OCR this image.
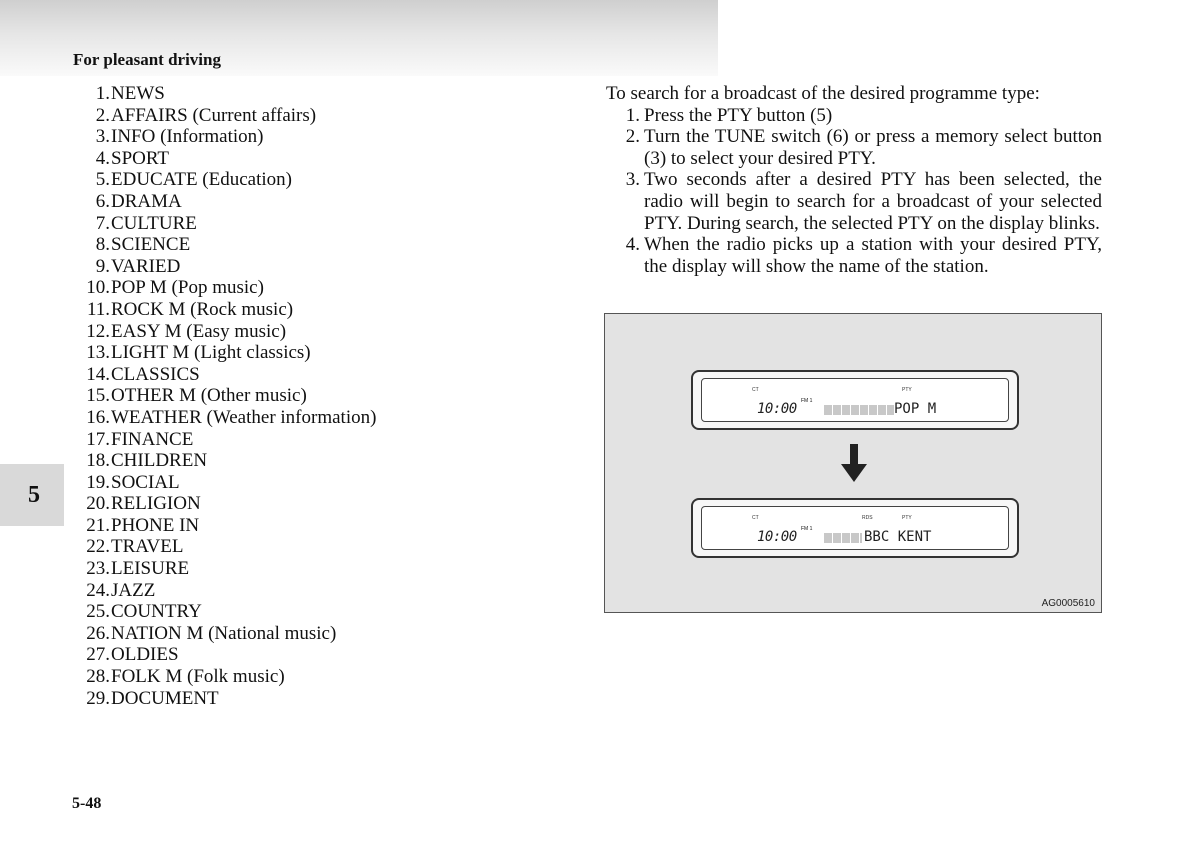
For pleasant driving
5
1. NEWS
2. AFFAIRS (Current affairs)
3. INFO (Information)
4. SPORT
5. EDUCATE (Education)
6. DRAMA
7. CULTURE
8. SCIENCE
9. VARIED
10. POP M (Pop music)
11. ROCK M (Rock music)
12. EASY M (Easy music)
13. LIGHT M (Light classics)
14. CLASSICS
15. OTHER M (Other music)
16. WEATHER (Weather information)
17. FINANCE
18. CHILDREN
19. SOCIAL
20. RELIGION
21. PHONE IN
22. TRAVEL
23. LEISURE
24. JAZZ
25. COUNTRY
26. NATION M (National music)
27. OLDIES
28. FOLK M (Folk music)
29. DOCUMENT
To search for a broadcast of the desired programme type:
1. Press the PTY button (5)
2. Turn the TUNE switch (6) or press a memory select button (3) to select your desired PTY.
3. Two seconds after a desired PTY has been selected, the radio will begin to search for a broadcast of your selected PTY. During search, the selected PTY on the display blinks.
4. When the radio picks up a station with your desired PTY, the display will show the name of the station.
CT	PTY
FM 1
10:00	POP M
CT	RDS	PTY
FM 1
10:00	BBC KENT
AG0005610
5-48
